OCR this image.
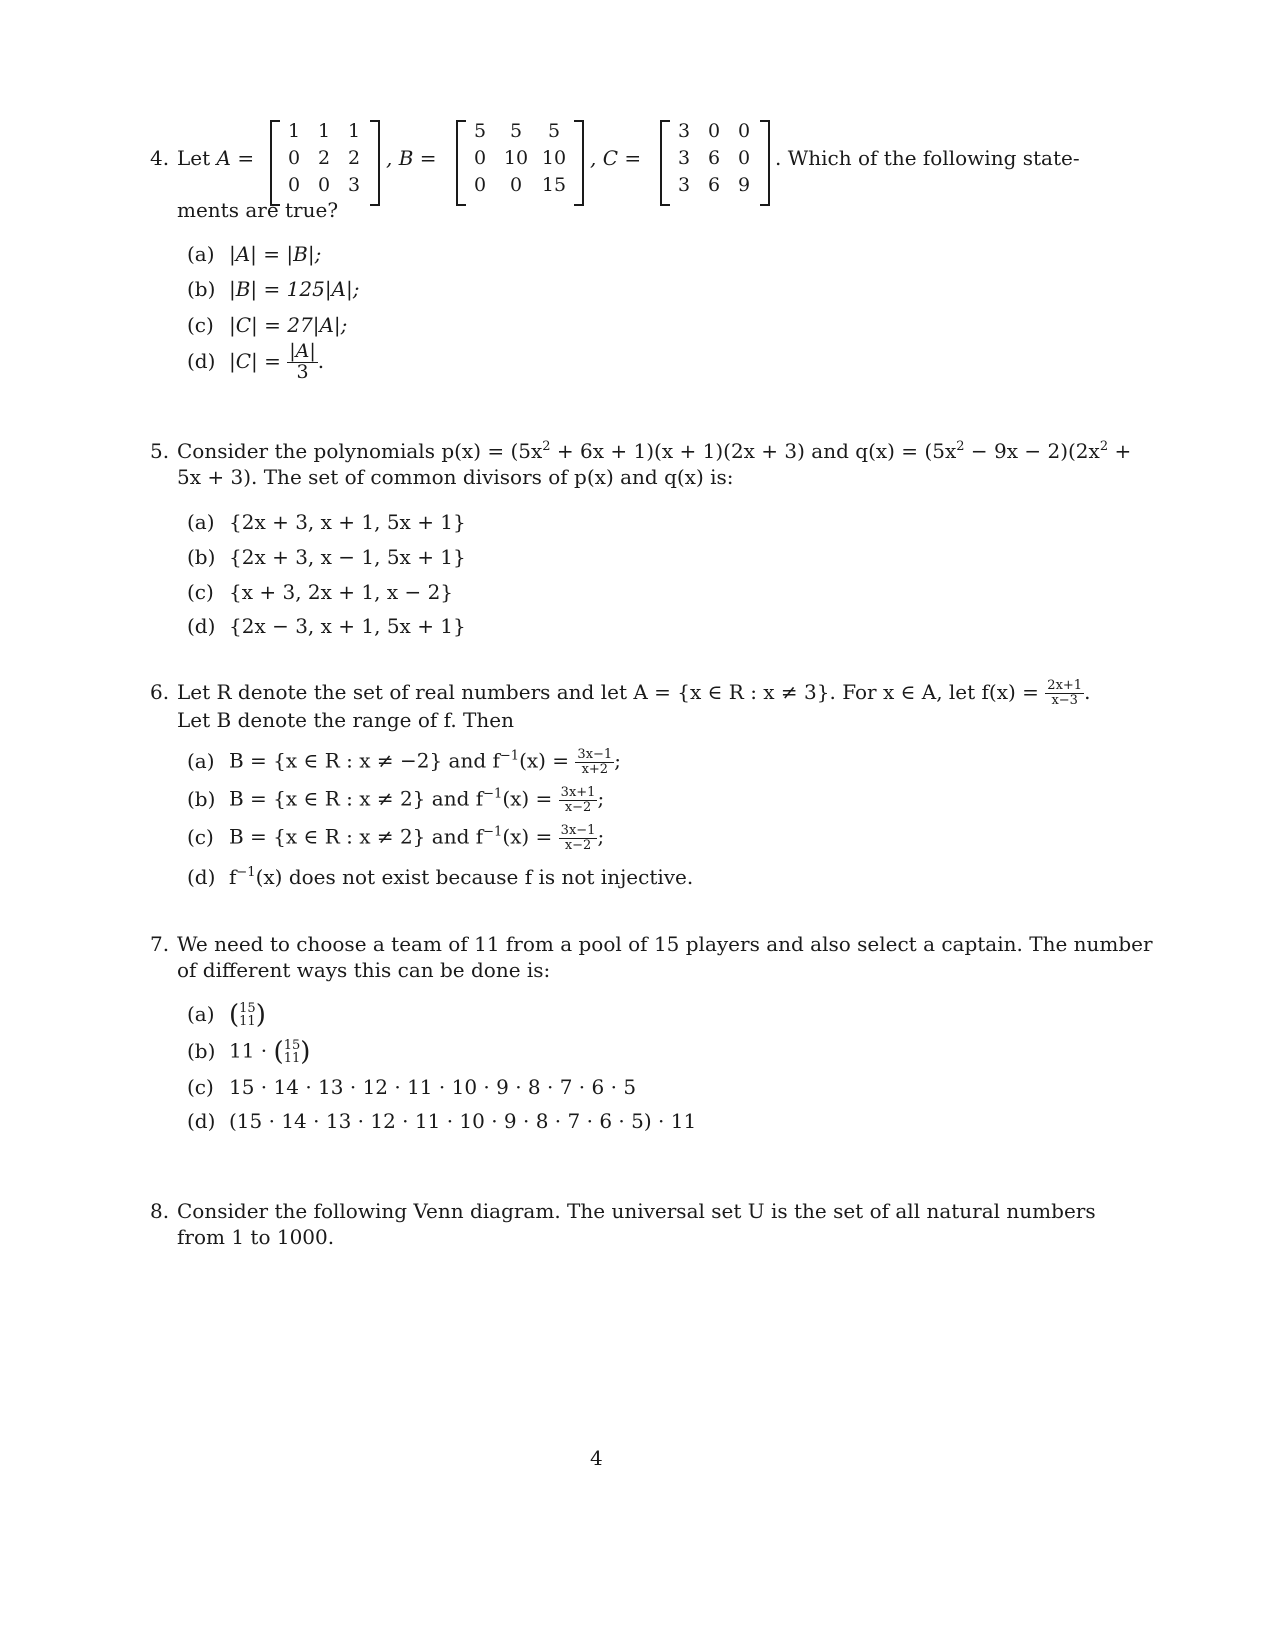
4. Let A =
1 1 1
0 2 2
0 0 3
, B =
5	5	5
0 10 10
0	0	15
, C =
3 0 0
3 6 0
3 6 9
. Which of the following state-
ments are true?
(a) |A| = |B|;
(b) |B| = 125|A|;
(c) |C| = 27|A|;
(d) $|C| = \frac{|A|}{3}$ .
5. Consider the polynomials $p(x) = (5x^2 + 6x + 1)(x + 1)(2x + 3)$ and $q(x) = (5x^2 - 9x - 2)(2x^2$ +
5x + 3). The set of common divisors of p(x) and q(x) is:
(a) {2x + 3, x + 1, 5x + 1}
(b) {2x + 3, x − 1, 5x + 1}
(c) {x + 3, 2x + 1, x − 2}
(d) {2x − 3, x + 1, 5x + 1}
6. Let R denote the set of real numbers and let A = {x ∈ R : x ≠ 3}. For x ∈ A, let $f(x) = \frac{2x+1}{x-3}$ .
Let B denote the range of f. Then
(a) B = {x ∈ R : x ≠ −2} and $f^{-1}(x) = \frac{3x-1}{x+2}$ ;
(b) B = {x ∈ R : x ≠ 2} and $f^{-1}(x) = \frac{3x+1}{x-2}$ ;
(c) B = {x ∈ R : x ≠ 2} and $f^{-1}(x) = \frac{3x-1}{x-2}$ ;
(d) $f^{-1}(x)$ does not exist because f is not injective.
7. We need to choose a team of 11 from a pool of 15 players and also select a captain. The number
of different ways this can be done is:
(a) ( 15
11 )
(b) 11 · ( 15
11 )
(c) 15 · 14 · 13 · 12 · 11 · 10 · 9 · 8 · 7 · 6 · 5
(d) (15 · 14 · 13 · 12 · 11 · 10 · 9 · 8 · 7 · 6 · 5) · 11
8. Consider the following Venn diagram. The universal set U is the set of all natural numbers
from 1 to 1000.
4
